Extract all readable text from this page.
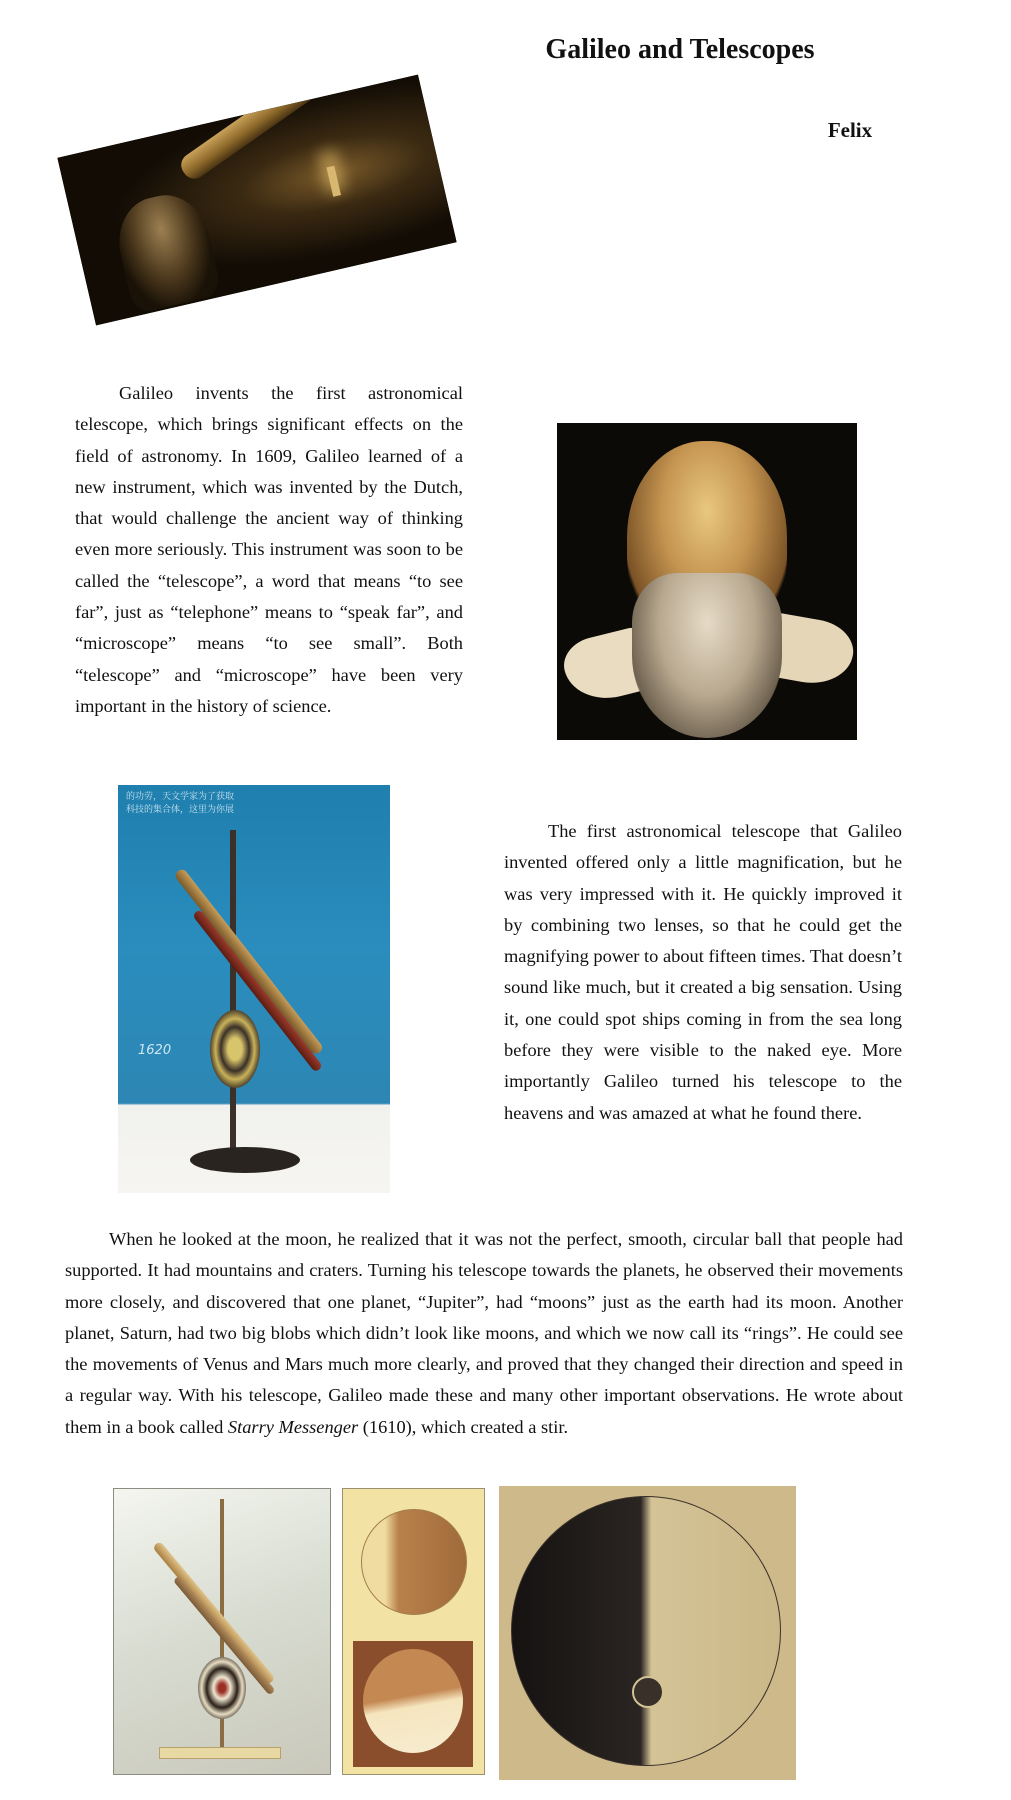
Galileo and Telescopes
Felix

Galileo invents the first astronomical telescope, which brings significant effects on the field of astronomy. In 1609, Galileo learned of a new instrument, which was invented by the Dutch, that would challenge the ancient way of thinking even more seriously. This instrument was soon to be called the “telescope”, a word that means “to see far”, just as “telephone” means to “speak far”, and “microscope” means “to see small”. Both “telescope” and “microscope” have been very important in the history of science.

的功劳，天文学家为了获取
科技的集合体，这里为你展
1620

The first astronomical telescope that Galileo invented offered only a little magnification, but he was very impressed with it. He quickly improved it by combining two lenses, so that he could get the magnifying power to about fifteen times. That doesn’t sound like much, but it created a big sensation. Using it, one could spot ships coming in from the sea long before they were visible to the naked eye. More importantly Galileo turned his telescope to the heavens and was amazed at what he found there.

When he looked at the moon, he realized that it was not the perfect, smooth, circular ball that people had supported. It had mountains and craters. Turning his telescope towards the planets, he observed their movements more closely, and discovered that one planet, “Jupiter”, had “moons” just as the earth had its moon. Another planet, Saturn, had two big blobs which didn’t look like moons, and which we now call its “rings”. He could see the movements of Venus and Mars much more clearly, and proved that they changed their direction and speed in a regular way. With his telescope, Galileo made these and many other important observations. He wrote about them in a book called Starry Messenger (1610), which created a stir.
